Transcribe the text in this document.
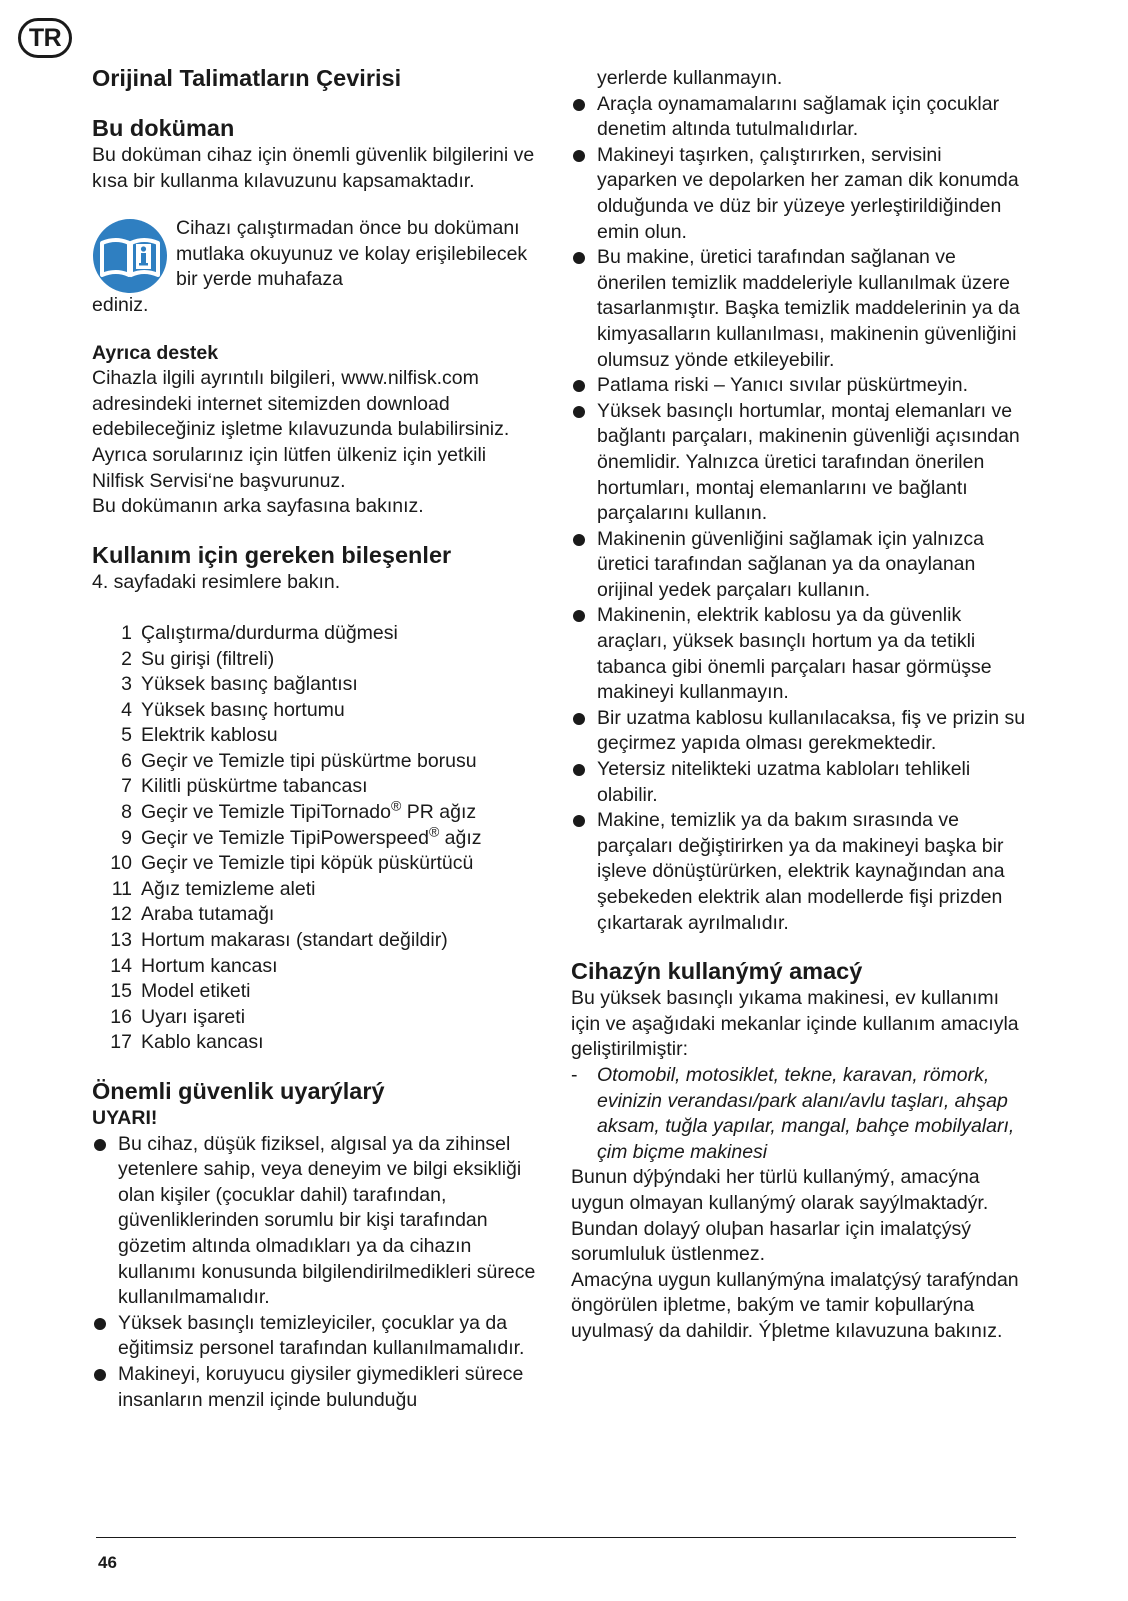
TR

Orijinal Talimatların Çevirisi

Bu doküman

Bu doküman cihaz için önemli güvenlik bilgilerini ve kısa bir kullanma kılavuzunu kapsamaktadır.

Cihazı çalıştırmadan önce bu dokümanı mutlaka okuyunuz ve kolay erişilebilecek bir yerde muhafaza

ediniz.

Ayrıca destek

Cihazla ilgili ayrıntılı bilgileri, www.nilfisk.com adresindeki internet sitemizden download edebileceğiniz işletme kılavuzunda bulabilirsiniz.

Ayrıca sorularınız için lütfen ülkeniz için yetkili Nilfisk Servisi‘ne başvurunuz.

Bu dokümanın arka sayfasına bakınız.

Kullanım için gereken bileşenler

4. sayfadaki resimlere bakın.

1 Çalıştırma/durdurma düğmesi
2 Su girişi (filtreli)
3 Yüksek basınç bağlantısı
4 Yüksek basınç hortumu
5 Elektrik kablosu
6 Geçir ve Temizle tipi püskürtme borusu
7 Kilitli püskürtme tabancası
8 Geçir ve Temizle TipiTornado® PR ağız
9 Geçir ve Temizle TipiPowerspeed® ağız
10 Geçir ve Temizle tipi köpük püskürtücü
11 Ağız temizleme aleti
12 Araba tutamağı
13 Hortum makarası (standart değildir)
14 Hortum kancası
15 Model etiketi
16 Uyarı işareti
17 Kablo kancası

Önemli güvenlik uyarýlarý

UYARI!

Bu cihaz, düşük fiziksel, algısal ya da zihinsel yetenlere sahip, veya deneyim ve bilgi eksikliği olan kişiler (çocuklar dahil) tarafından, güvenliklerinden sorumlu bir kişi tarafından gözetim altında olmadıkları ya da cihazın kullanımı konusunda bilgilendirilmedikleri sürece kullanılmamalıdır.
Yüksek basınçlı temizleyiciler, çocuklar ya da eğitimsiz personel tarafından kullanılmamalıdır.
Makineyi, koruyucu giysiler giymedikleri sürece insanların menzil içinde bulunduğu

yerlerde kullanmayın.

Araçla oynamamalarını sağlamak için çocuklar denetim altında tutulmalıdırlar.
Makineyi taşırken, çalıştırırken, servisini yaparken ve depolarken her zaman dik konumda olduğunda ve düz bir yüzeye yerleştirildiğinden emin olun.
Bu makine, üretici tarafından sağlanan ve önerilen temizlik maddeleriyle kullanılmak üzere tasarlanmıştır. Başka temizlik maddelerinin ya da kimyasalların kullanılması, makinenin güvenliğini olumsuz yönde etkileyebilir.
Patlama riski – Yanıcı sıvılar püskürtmeyin.
Yüksek basınçlı hortumlar, montaj elemanları ve bağlantı parçaları, makinenin güvenliği açısından önemlidir. Yalnızca üretici tarafından önerilen hortumları, montaj elemanlarını ve bağlantı parçalarını kullanın.
Makinenin güvenliğini sağlamak için yalnızca üretici tarafından sağlanan ya da onaylanan orijinal yedek parçaları kullanın.
Makinenin, elektrik kablosu ya da güvenlik araçları, yüksek basınçlı hortum ya da tetikli tabanca gibi önemli parçaları hasar görmüşse makineyi kullanmayın.
Bir uzatma kablosu kullanılacaksa, fiş ve prizin su geçirmez yapıda olması gerekmektedir.
Yetersiz nitelikteki uzatma kabloları tehlikeli olabilir.
Makine, temizlik ya da bakım sırasında ve parçaları değiştirirken ya da makineyi başka bir işleve dönüştürürken, elektrik kaynağından ana şebekeden elektrik alan modellerde fişi prizden çıkartarak ayrılmalıdır.

Cihazýn kullanýmý amacý

Bu yüksek basınçlı yıkama makinesi, ev kullanımı için ve aşağıdaki mekanlar içinde kullanım amacıyla geliştirilmiştir:

- Otomobil, motosiklet, tekne, karavan, römork, evinizin verandası/park alanı/avlu taşları, ahşap aksam, tuğla yapılar, mangal, bahçe mobilyaları, çim biçme makinesi

Bunun dýþýndaki her türlü kullanýmý, amacýna uygun olmayan kullanýmý olarak sayýlmaktadýr. Bundan dolayý oluþan hasarlar için imalatçýsý sorumluluk üstlenmez.

Amacýna uygun kullanýmýna imalatçýsý tarafýndan öngörülen iþletme, bakým ve tamir koþullarýna uyulmasý da dahildir. Ýþletme kılavuzuna bakınız.

46
